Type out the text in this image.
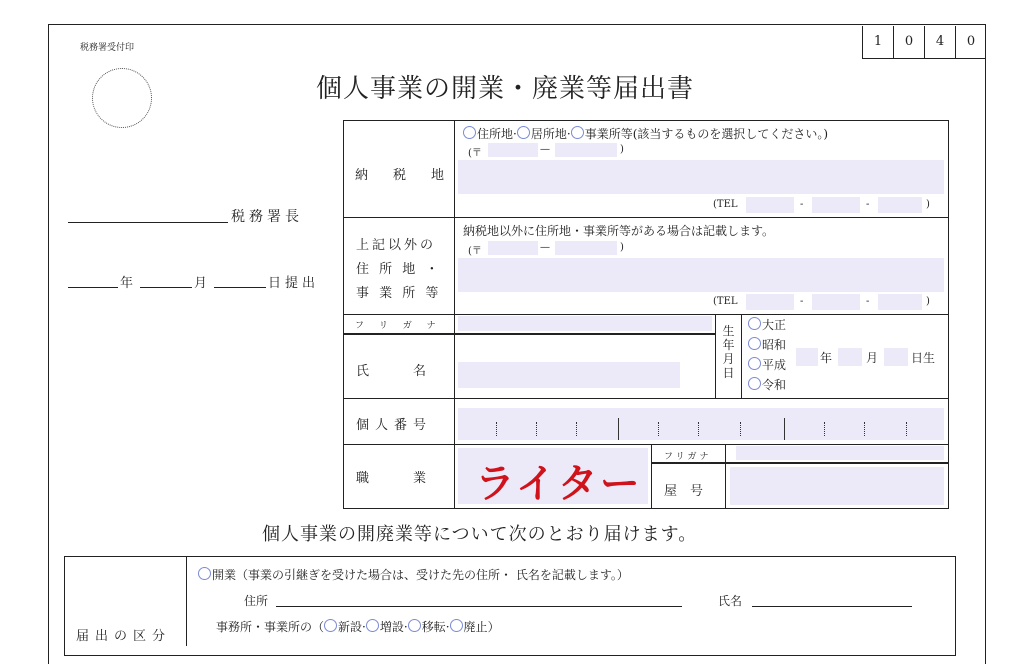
税務署受付印	1	0	4	0
個人事業の開業・廃業等届出書
税務署長
年	月	日提出
納　税　地
住所地· 居所地· 事業所等(該当するものを選択してください。)
(〒	—	)
(TEL	-	-	)
上記以外の
住 所 地 ・
事 業 所 等
納税地以外に住所地・事業所等がある場合は記載します。
(〒	—	)
(TEL	-	-	)
フ リ ガ ナ
氏　　名
生年月日
大正
昭和
平成
令和
年	月	日生
個人番号
職　　業 ライター
フリガナ
屋　号
個人事業の開廃業等について次のとおり届けます。
届出の区分
開業（事業の引継ぎを受けた場合は、受けた先の住所・ 氏名を記載します。）
住所	氏名
事務所・事業所の（ 新設· 増設· 移転· 廃止）
